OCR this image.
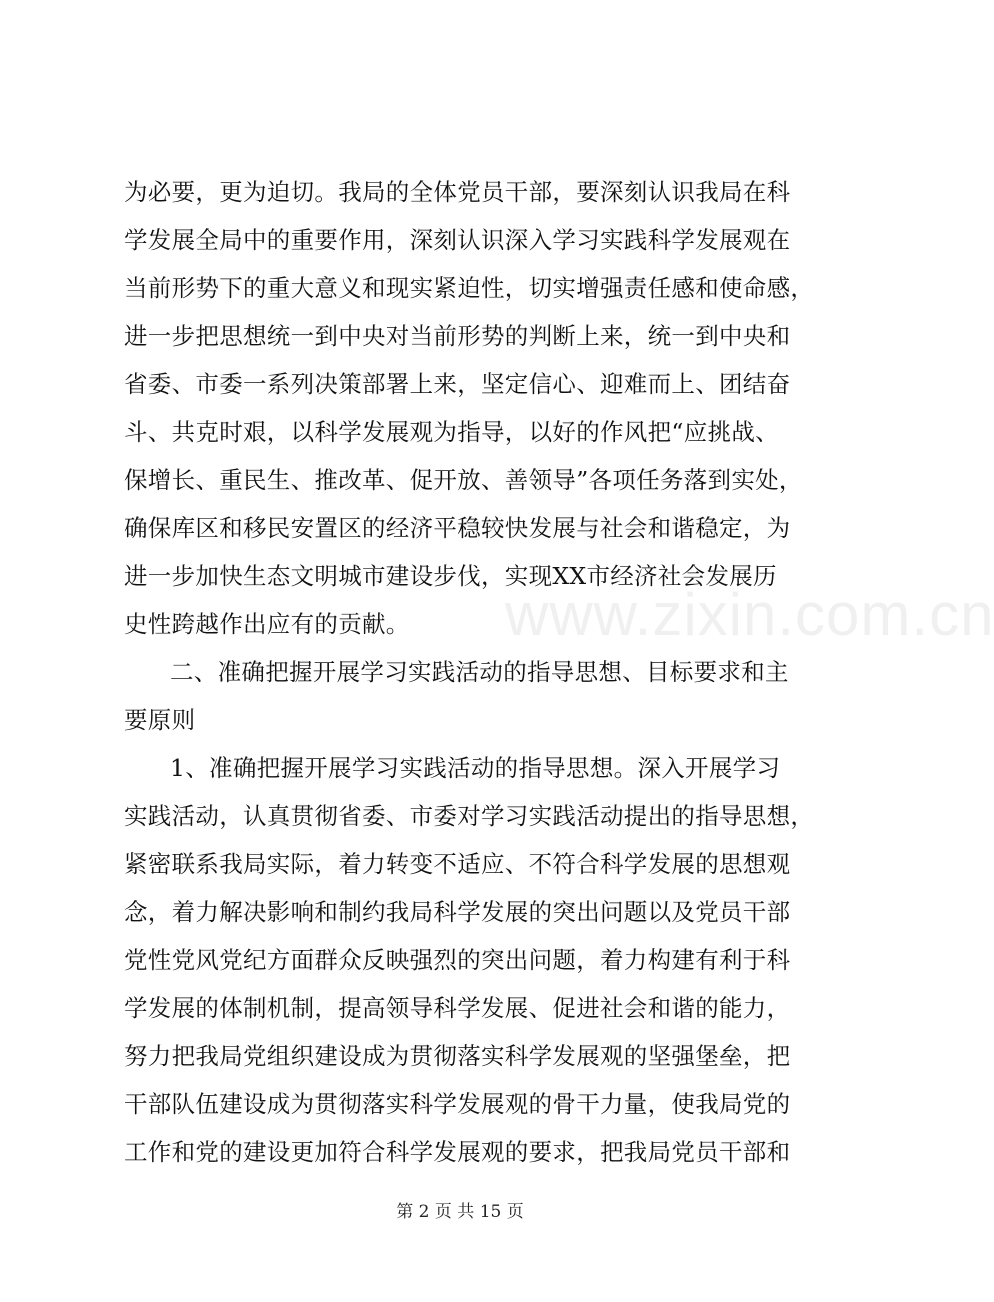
为必要，更为迫切。我局的全体党员干部，要深刻认识我局在科
学发展全局中的重要作用，深刻认识深入学习实践科学发展观在
当前形势下的重大意义和现实紧迫性，切实增强责任感和使命感，
进一步把思想统一到中央对当前形势的判断上来，统一到中央和
省委、市委一系列决策部署上来，坚定信心、迎难而上、团结奋
斗、共克时艰，以科学发展观为指导，以好的作风把“应挑战、
保增长、重民生、推改革、促开放、善领导”各项任务落到实处，
确保库区和移民安置区的经济平稳较快发展与社会和谐稳定，为
进一步加快生态文明城市建设步伐，实现XX市经济社会发展历
史性跨越作出应有的贡献。
二、准确把握开展学习实践活动的指导思想、目标要求和主
要原则
1、准确把握开展学习实践活动的指导思想。深入开展学习
实践活动，认真贯彻省委、市委对学习实践活动提出的指导思想，
紧密联系我局实际，着力转变不适应、不符合科学发展的思想观
念，着力解决影响和制约我局科学发展的突出问题以及党员干部
党性党风党纪方面群众反映强烈的突出问题，着力构建有利于科
学发展的体制机制，提高领导科学发展、促进社会和谐的能力，
努力把我局党组织建设成为贯彻落实科学发展观的坚强堡垒，把
干部队伍建设成为贯彻落实科学发展观的骨干力量，使我局党的
工作和党的建设更加符合科学发展观的要求，把我局党员干部和
www.zixin.com.cn
第 2 页 共 15 页
